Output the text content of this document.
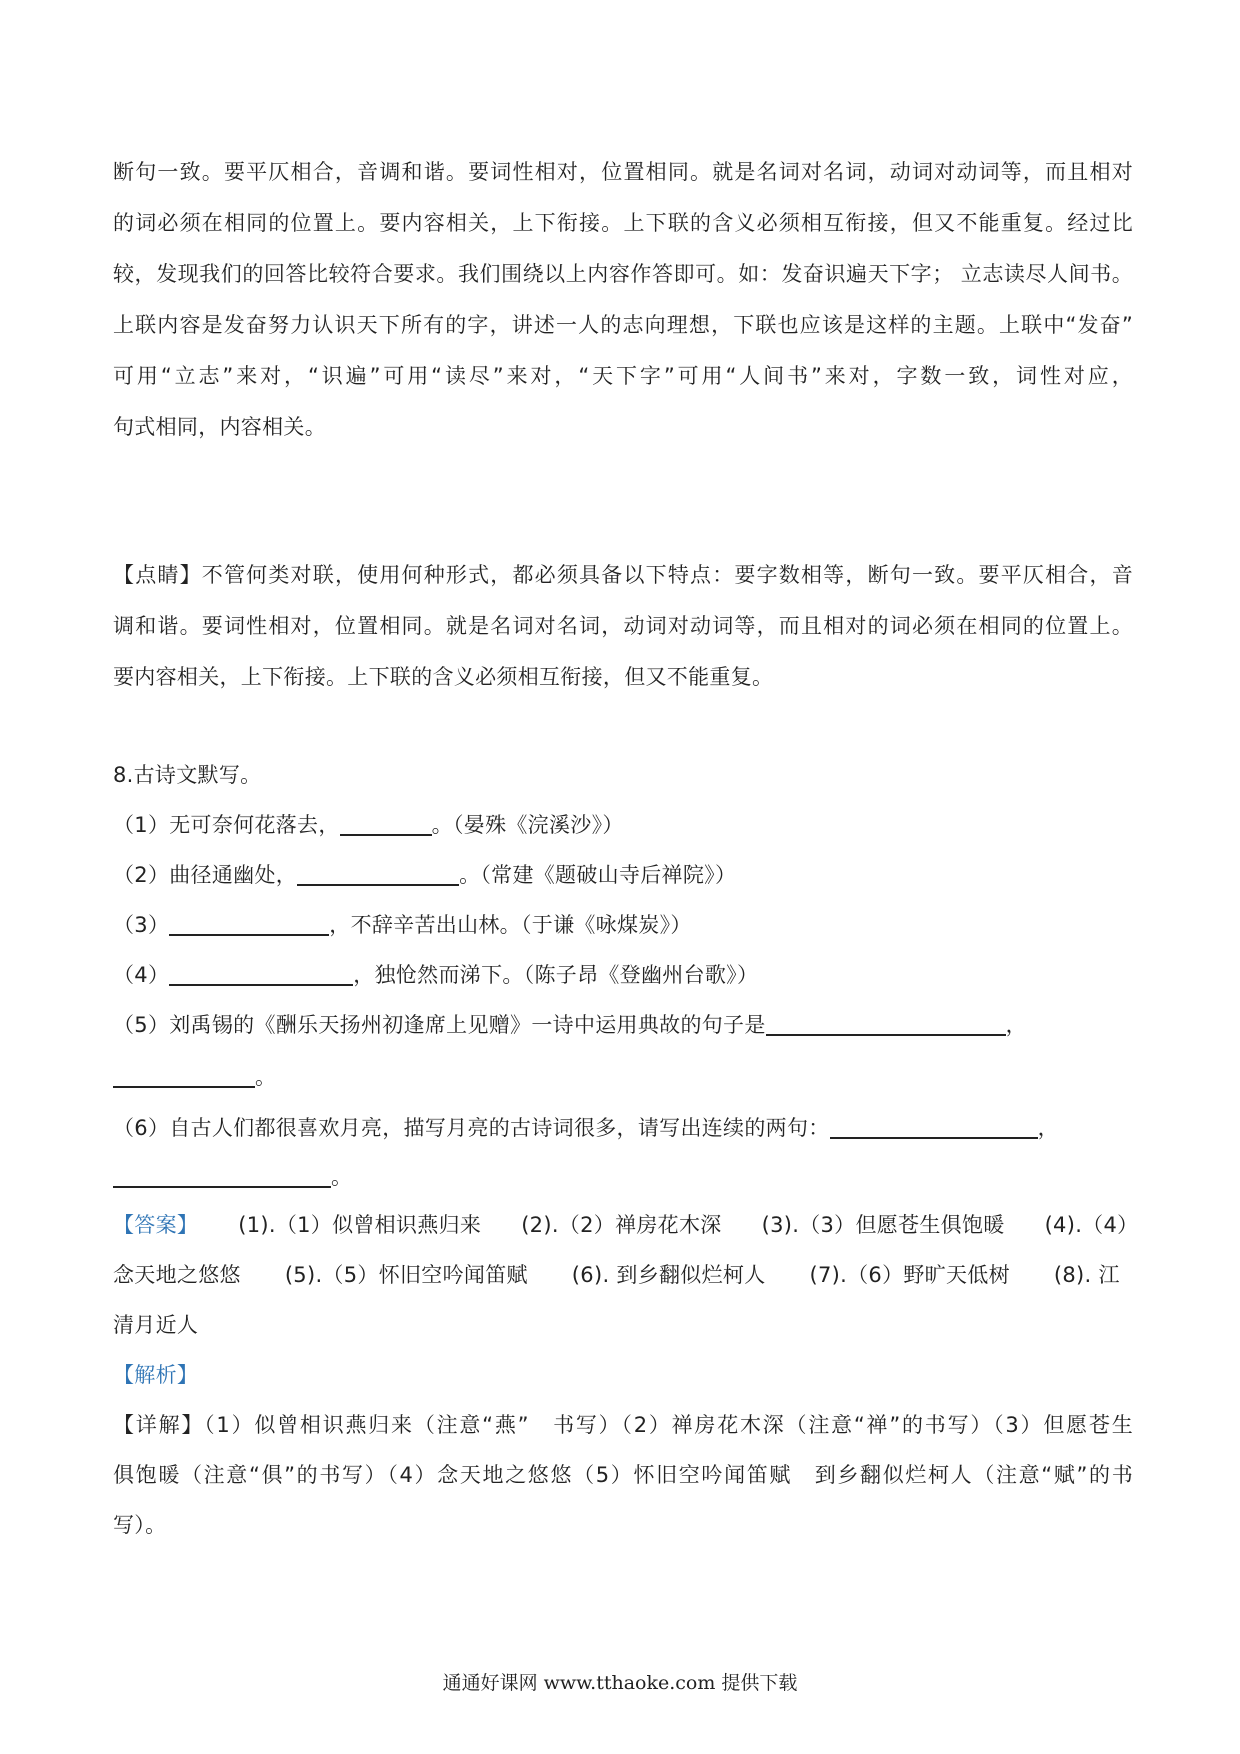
断句一致。要平仄相合，音调和谐。要词性相对，位置相同。就是名词对名词，动词对动词等，而且相对
的词必须在相同的位置上。要内容相关，上下衔接。上下联的含义必须相互衔接，但又不能重复。经过比
较，发现我们的回答比较符合要求。我们围绕以上内容作答即可。如：发奋识遍天下字； 立志读尽人间书。
上联内容是发奋努力认识天下所有的字，讲述一人的志向理想，下联也应该是这样的主题。上联中“发奋”
可用“立志”来对，“识遍”可用“读尽”来对，“天下字”可用“人间书”来对，字数一致，词性对应，
句式相同，内容相关。
【点睛】不管何类对联，使用何种形式，都必须具备以下特点：要字数相等，断句一致。要平仄相合，音
调和谐。要词性相对，位置相同。就是名词对名词，动词对动词等，而且相对的词必须在相同的位置上。
要内容相关，上下衔接。上下联的含义必须相互衔接，但又不能重复。
8.古诗文默写。
（1）无可奈何花落去，	。（晏殊《浣溪沙》）
（2）曲径通幽处，	。（常建《题破山寺后禅院》）
（3）	，不辞辛苦出山林。（于谦《咏煤炭》）
（4）	，独怆然而涕下。（陈子昂《登幽州台歌》）
（5）刘禹锡的《酬乐天扬州初逢席上见赠》一诗中运用典故的句子是	，
。
（6）自古人们都很喜欢月亮，描写月亮的古诗词很多，请写出连续的两句：	，
。
【答案】 (1).（1）似曾相识燕归来 (2).（2）禅房花木深 (3).（3）但愿苍生俱饱暖 (4).（4）
念天地之悠悠 (5).（5）怀旧空吟闻笛赋 (6). 到乡翻似烂柯人 (7).（6）野旷天低树 (8). 江
清月近人
【解析】
【详解】（1）似曾相识燕归来（注意“燕”　书写）（2）禅房花木深（注意“禅”的书写）（3）但愿苍生
俱饱暖（注意“俱”的书写）（4）念天地之悠悠（5）怀旧空吟闻笛赋　到乡翻似烂柯人（注意“赋”的书
写）。
通通好课网 www.tthaoke.com 提供下载
